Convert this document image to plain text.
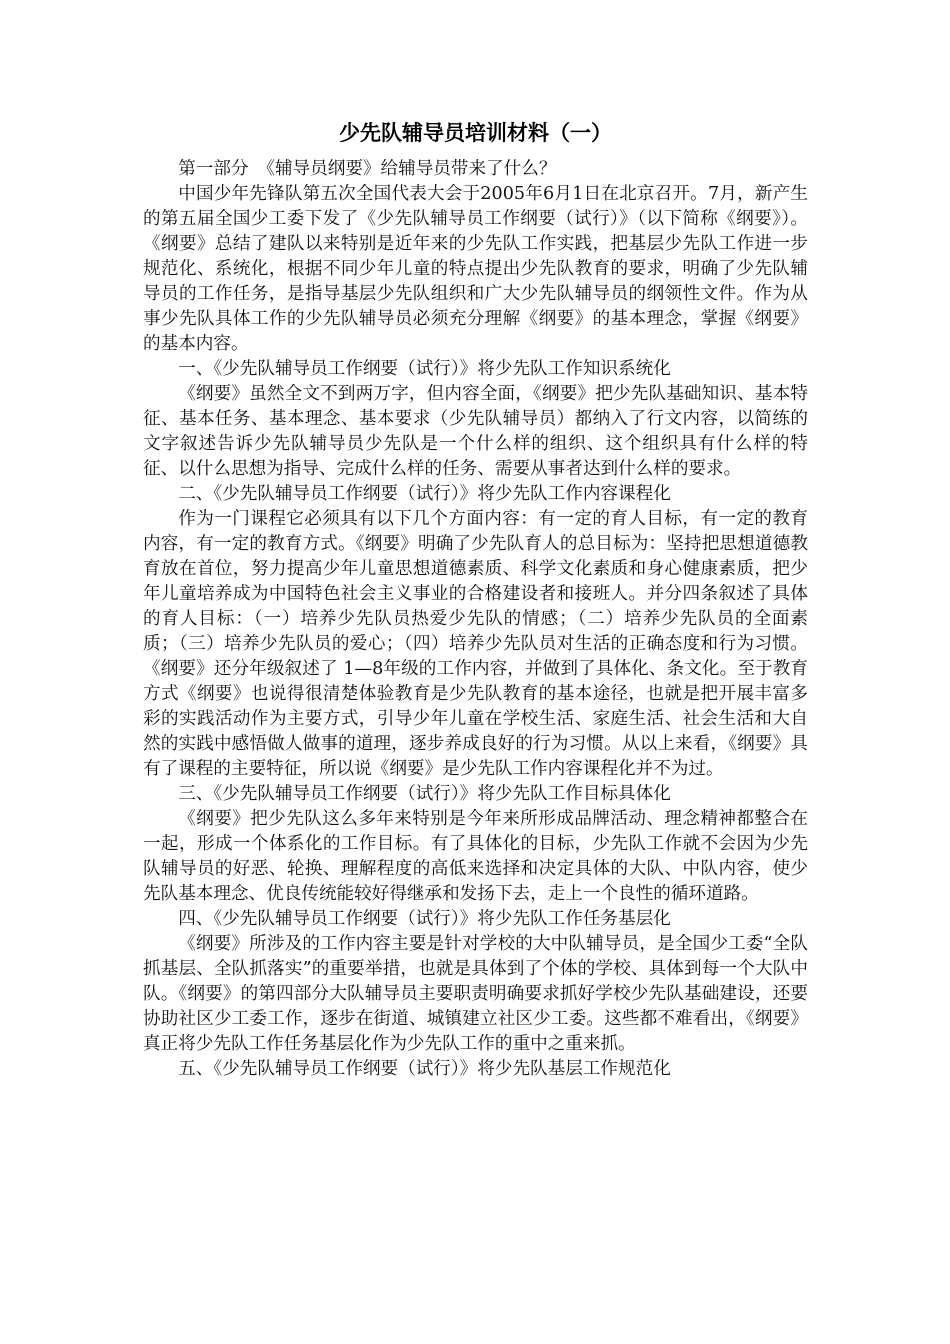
少先队辅导员培训材料（一）

第一部分　《辅导员纲要》给辅导员带来了什么？

中国少年先锋队第五次全国代表大会于2005年6月1日在北京召开。7月，新产生的第五届全国少工委下发了《少先队辅导员工作纲要（试行）》（以下简称《纲要》）。《纲要》总结了建队以来特别是近年来的少先队工作实践，把基层少先队工作进一步规范化、系统化，根据不同少年儿童的特点提出少先队教育的要求，明确了少先队辅导员的工作任务，是指导基层少先队组织和广大少先队辅导员的纲领性文件。作为从事少先队具体工作的少先队辅导员必须充分理解《纲要》的基本理念，掌握《纲要》的基本内容。

一、《少先队辅导员工作纲要（试行）》将少先队工作知识系统化

《纲要》虽然全文不到两万字，但内容全面，《纲要》把少先队基础知识、基本特征、基本任务、基本理念、基本要求（少先队辅导员）都纳入了行文内容，以简练的文字叙述告诉少先队辅导员少先队是一个什么样的组织、这个组织具有什么样的特征、以什么思想为指导、完成什么样的任务、需要从事者达到什么样的要求。

二、《少先队辅导员工作纲要（试行）》将少先队工作内容课程化

作为一门课程它必须具有以下几个方面内容：有一定的育人目标，有一定的教育内容，有一定的教育方式。《纲要》明确了少先队育人的总目标为：坚持把思想道德教育放在首位，努力提高少年儿童思想道德素质、科学文化素质和身心健康素质，把少年儿童培养成为中国特色社会主义事业的合格建设者和接班人。并分四条叙述了具体的育人目标：（一）培养少先队员热爱少先队的情感；（二）培养少先队员的全面素质；（三）培养少先队员的爱心；（四）培养少先队员对生活的正确态度和行为习惯。《纲要》还分年级叙述了 1—8年级的工作内容，并做到了具体化、条文化。至于教育方式《纲要》也说得很清楚体验教育是少先队教育的基本途径，也就是把开展丰富多彩的实践活动作为主要方式，引导少年儿童在学校生活、家庭生活、社会生活和大自然的实践中感悟做人做事的道理，逐步养成良好的行为习惯。从以上来看，《纲要》具有了课程的主要特征，所以说《纲要》是少先队工作内容课程化并不为过。

三、《少先队辅导员工作纲要（试行）》将少先队工作目标具体化

《纲要》把少先队这么多年来特别是今年来所形成品牌活动、理念精神都整合在一起，形成一个体系化的工作目标。有了具体化的目标，少先队工作就不会因为少先队辅导员的好恶、轮换、理解程度的高低来选择和决定具体的大队、中队内容，使少先队基本理念、优良传统能较好得继承和发扬下去，走上一个良性的循环道路。

四、《少先队辅导员工作纲要（试行）》将少先队工作任务基层化

《纲要》所涉及的工作内容主要是针对学校的大中队辅导员，是全国少工委“全队抓基层、全队抓落实”的重要举措，也就是具体到了个体的学校、具体到每一个大队中队。《纲要》的第四部分大队辅导员主要职责明确要求抓好学校少先队基础建设，还要协助社区少工委工作，逐步在街道、城镇建立社区少工委。这些都不难看出，《纲要》真正将少先队工作任务基层化作为少先队工作的重中之重来抓。

五、《少先队辅导员工作纲要（试行）》将少先队基层工作规范化
